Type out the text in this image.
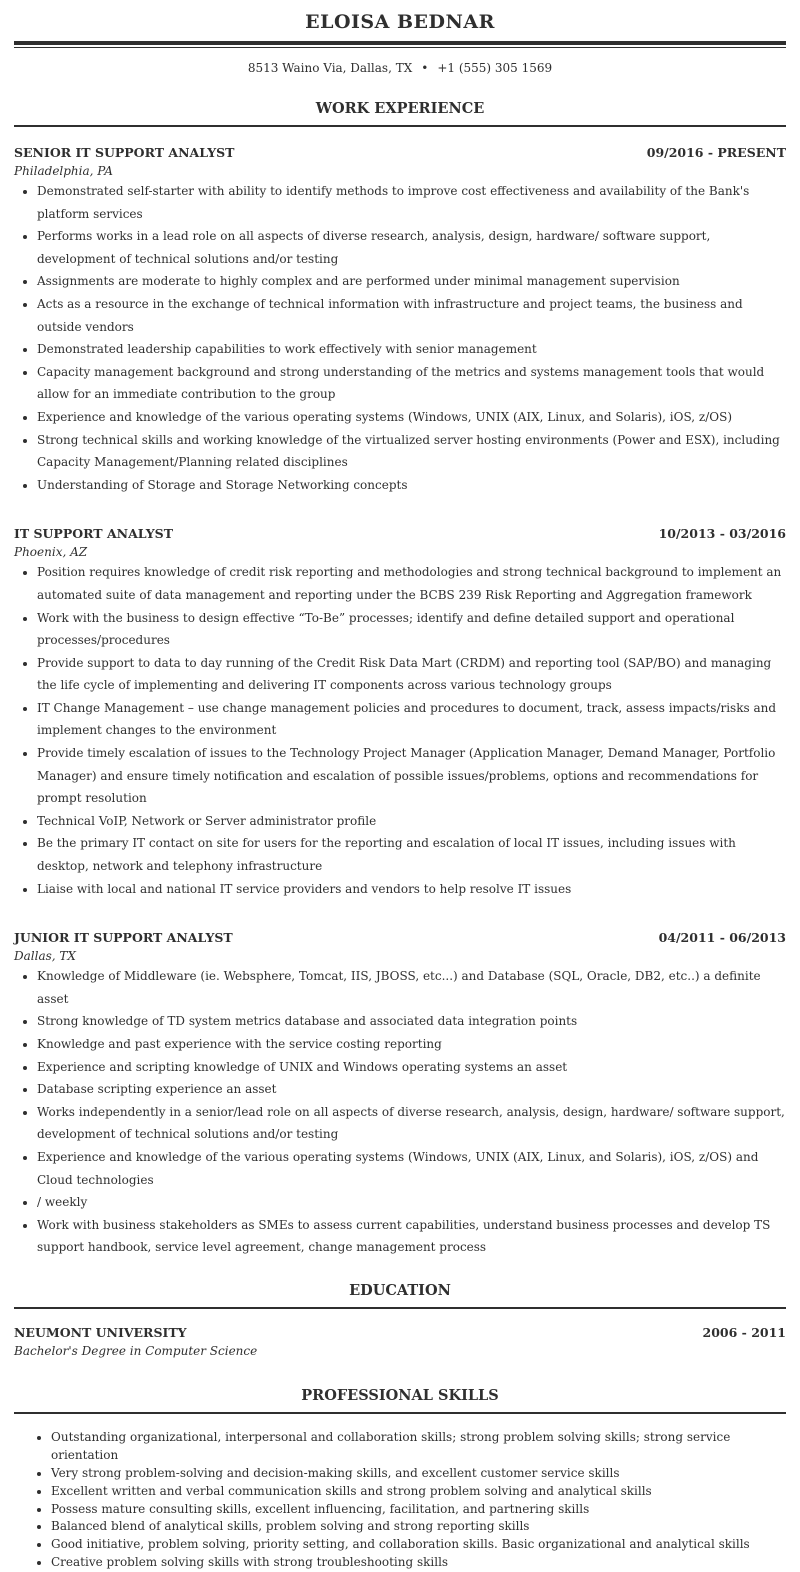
ELOISA BEDNAR
8513 Waino Via, Dallas, TX • +1 (555) 305 1569
WORK EXPERIENCE
SENIOR IT SUPPORT ANALYST	09/2016 - PRESENT
Philadelphia, PA
• Demonstrated self-starter with ability to identify methods to improve cost effectiveness and availability of the Bank's platform services
• Performs works in a lead role on all aspects of diverse research, analysis, design, hardware/ software support, development of technical solutions and/or testing
• Assignments are moderate to highly complex and are performed under minimal management supervision
• Acts as a resource in the exchange of technical information with infrastructure and project teams, the business and outside vendors
• Demonstrated leadership capabilities to work effectively with senior management
• Capacity management background and strong understanding of the metrics and systems management tools that would allow for an immediate contribution to the group
• Experience and knowledge of the various operating systems (Windows, UNIX (AIX, Linux, and Solaris), iOS, z/OS)
• Strong technical skills and working knowledge of the virtualized server hosting environments (Power and ESX), including Capacity Management/Planning related disciplines
• Understanding of Storage and Storage Networking concepts
IT SUPPORT ANALYST	10/2013 - 03/2016
Phoenix, AZ
• Position requires knowledge of credit risk reporting and methodologies and strong technical background to implement an automated suite of data management and reporting under the BCBS 239 Risk Reporting and Aggregation framework
• Work with the business to design effective “To-Be” processes; identify and define detailed support and operational processes/procedures
• Provide support to data to day running of the Credit Risk Data Mart (CRDM) and reporting tool (SAP/BO) and managing the life cycle of implementing and delivering IT components across various technology groups
• IT Change Management – use change management policies and procedures to document, track, assess impacts/risks and implement changes to the environment
• Provide timely escalation of issues to the Technology Project Manager (Application Manager, Demand Manager, Portfolio Manager) and ensure timely notification and escalation of possible issues/problems, options and recommendations for prompt resolution
• Technical VoIP, Network or Server administrator profile
• Be the primary IT contact on site for users for the reporting and escalation of local IT issues, including issues with desktop, network and telephony infrastructure
• Liaise with local and national IT service providers and vendors to help resolve IT issues
JUNIOR IT SUPPORT ANALYST	04/2011 - 06/2013
Dallas, TX
• Knowledge of Middleware (ie. Websphere, Tomcat, IIS, JBOSS, etc...) and Database (SQL, Oracle, DB2, etc..) a definite asset
• Strong knowledge of TD system metrics database and associated data integration points
• Knowledge and past experience with the service costing reporting
• Experience and scripting knowledge of UNIX and Windows operating systems an asset
• Database scripting experience an asset
• Works independently in a senior/lead role on all aspects of diverse research, analysis, design, hardware/ software support, development of technical solutions and/or testing
• Experience and knowledge of the various operating systems (Windows, UNIX (AIX, Linux, and Solaris), iOS, z/OS) and Cloud technologies
• / weekly
• Work with business stakeholders as SMEs to assess current capabilities, understand business processes and develop TS support handbook, service level agreement, change management process
EDUCATION
NEUMONT UNIVERSITY	2006 - 2011
Bachelor's Degree in Computer Science
PROFESSIONAL SKILLS
• Outstanding organizational, interpersonal and collaboration skills; strong problem solving skills; strong service orientation
• Very strong problem-solving and decision-making skills, and excellent customer service skills
• Excellent written and verbal communication skills and strong problem solving and analytical skills
• Possess mature consulting skills, excellent influencing, facilitation, and partnering skills
• Balanced blend of analytical skills, problem solving and strong reporting skills
• Good initiative, problem solving, priority setting, and collaboration skills. Basic organizational and analytical skills
• Creative problem solving skills with strong troubleshooting skills
